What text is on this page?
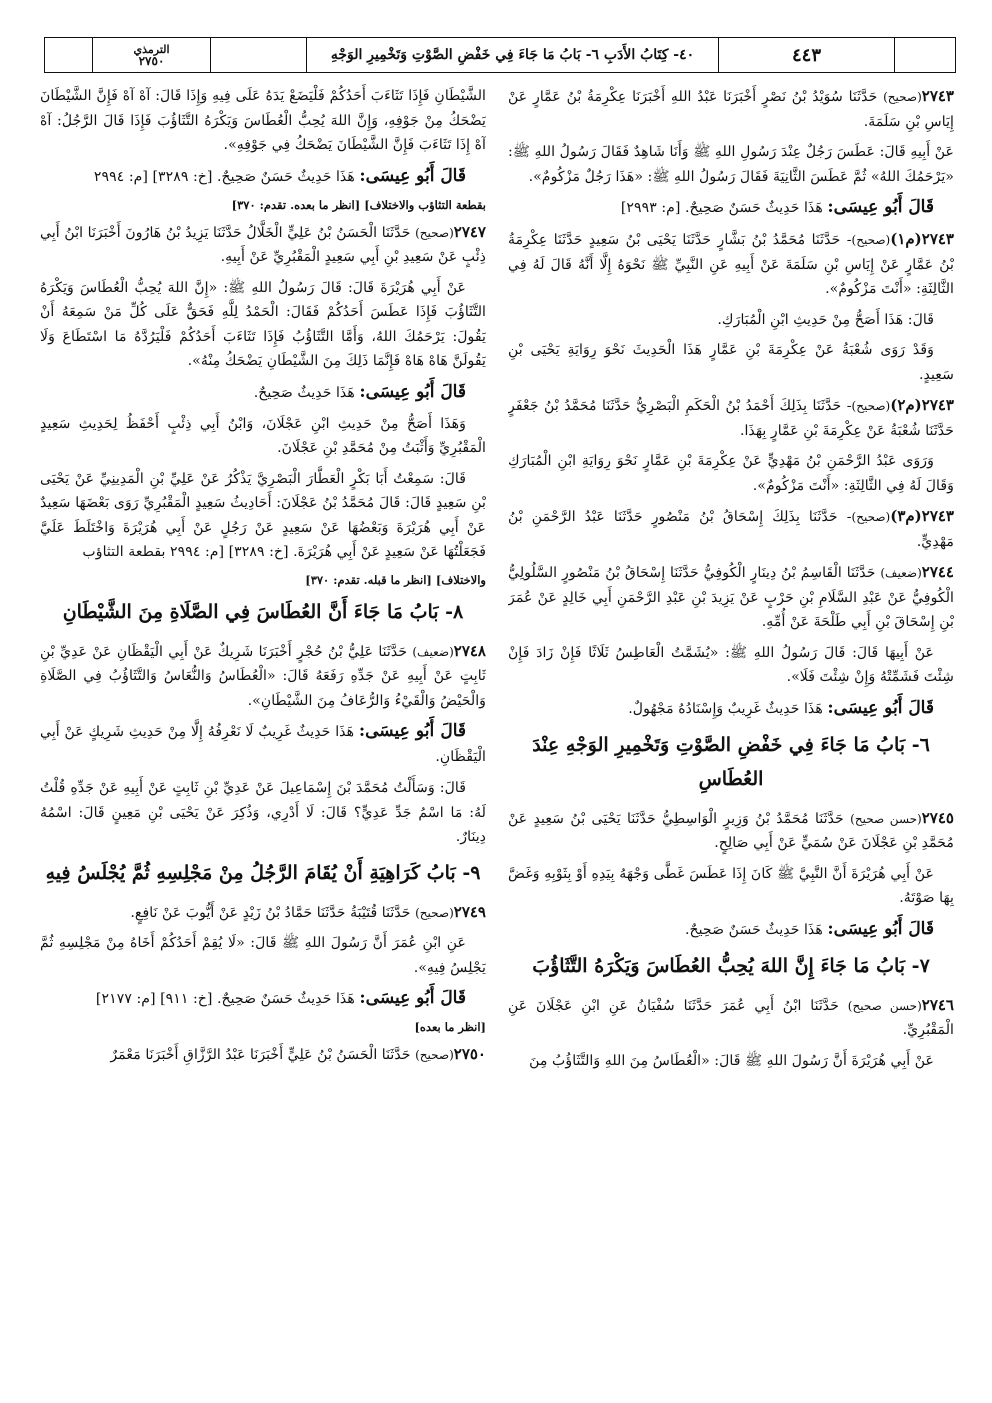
الترمذي
٢٧٥٠	٤٠- كِتَابُ الأَدَبِ ٦- بَابُ مَا جَاءَ فِي خَفْضِ الصَّوْتِ وَتَخْمِيرِ الوَجْهِ	٤٤٣
٢٧٤٣(صحيح) حَدَّثَنَا سُوَيْدُ بْنُ نَصْرٍ أَخْبَرَنَا عَبْدُ اللهِ أَخْبَرَنَا عِكْرِمَةُ بْنُ عَمَّارٍ عَنْ إِيَاسِ بْنِ سَلَمَةَ.
عَنْ أَبِيهِ قَالَ: عَطَسَ رَجُلٌ عِنْدَ رَسُولِ اللهِ ﷺ وَأَنَا شَاهِدٌ فَقَالَ رَسُولُ اللهِ ﷺ: «يَرْحَمُكَ اللهُ» ثُمَّ عَطَسَ الثَّانِيَةَ فَقَالَ رَسُولُ اللهِ ﷺ: «هَذَا رَجُلٌ مَزْكُومٌ».
قَالَ أَبُو عِيسَى: هَذَا حَدِيثٌ حَسَنٌ صَحِيحٌ. [م: ٢٩٩٣]
٢٧٤٣(م١)(صحيح)- حَدَّثَنَا مُحَمَّدُ بْنُ بَشَّارٍ حَدَّثَنَا يَحْيَى بْنُ سَعِيدٍ حَدَّثَنَا عِكْرِمَةُ بْنُ عَمَّارٍ عَنْ إِيَاسِ بْنِ سَلَمَةَ عَنْ أَبِيهِ عَنِ النَّبِيِّ ﷺ نَحْوَهُ إِلَّا أَنَّهُ قَالَ لَهُ فِي الثَّالِثَةِ: «أَنْتَ مَزْكُومٌ».
قَالَ: هَذَا أَصَحُّ مِنْ حَدِيثِ ابْنِ الْمُبَارَكِ.
وَقَدْ رَوَى شُعْبَةُ عَنْ عِكْرِمَةَ بْنِ عَمَّارٍ هَذَا الْحَدِيثَ نَحْوَ رِوَايَةِ يَحْيَى بْنِ سَعِيدٍ.
٢٧٤٣(م٢)(صحيح)- حَدَّثَنَا بِذَلِكَ أَحْمَدُ بْنُ الْحَكَمِ الْبَصْرِيُّ حَدَّثَنَا مُحَمَّدُ بْنُ جَعْفَرٍ حَدَّثَنَا شُعْبَةُ عَنْ عِكْرِمَةَ بْنِ عَمَّارٍ بِهَذَا.
وَرَوَى عَبْدُ الرَّحْمَنِ بْنُ مَهْدِيٍّ عَنْ عِكْرِمَةَ بْنِ عَمَّارٍ نَحْوَ رِوَايَةِ ابْنِ الْمُبَارَكِ وَقَالَ لَهُ فِي الثَّالِثَةِ: «أَنْتَ مَزْكُومٌ».
٢٧٤٣(م٣)(صحيح)- حَدَّثَنَا بِذَلِكَ إِسْحَاقُ بْنُ مَنْصُورٍ حَدَّثَنَا عَبْدُ الرَّحْمَنِ بْنُ مَهْدِيٍّ.
٢٧٤٤(ضعيف) حَدَّثَنَا الْقَاسِمُ بْنُ دِينَارٍ الْكُوفِيُّ حَدَّثَنَا إِسْحَاقُ بْنُ مَنْصُورٍ السَّلُولِيُّ الْكُوفِيُّ عَنْ عَبْدِ السَّلَامِ بْنِ حَرْبٍ عَنْ يَزِيدَ بْنِ عَبْدِ الرَّحْمَنِ أَبِي خَالِدٍ عَنْ عُمَرَ بْنِ إِسْحَاقَ بْنِ أَبِي طَلْحَةَ عَنْ أُمِّهِ.
عَنْ أَبِيهَا قَالَ: قَالَ رَسُولُ اللهِ ﷺ: «يُشَمَّتُ الْعَاطِسُ ثَلَاثًا فَإِنْ زَادَ فَإِنْ شِئْتَ فَشَمِّتْهُ وَإِنْ شِئْتَ فَلَا».
قَالَ أَبُو عِيسَى: هَذَا حَدِيثٌ غَرِيبٌ وَإِسْنَادُهُ مَجْهُولٌ.
٦- بَابُ مَا جَاءَ فِي خَفْضِ الصَّوْتِ وَتَخْمِيرِ الوَجْهِ عِنْدَ العُطَاسِ
٢٧٤٥(حسن صحيح) حَدَّثَنَا مُحَمَّدُ بْنُ وَزِيرٍ الْوَاسِطِيُّ حَدَّثَنَا يَحْيَى بْنُ سَعِيدٍ عَنْ مُحَمَّدِ بْنِ عَجْلَانَ عَنْ سُمَيٍّ عَنْ أَبِي صَالِحٍ.
عَنْ أَبِي هُرَيْرَةَ أَنَّ النَّبِيَّ ﷺ كَانَ إِذَا عَطَسَ غَطَّى وَجْهَهُ بِيَدِهِ أَوْ بِثَوْبِهِ وَغَضَّ بِهَا صَوْتَهُ.
قَالَ أَبُو عِيسَى: هَذَا حَدِيثٌ حَسَنٌ صَحِيحٌ.
٧- بَابُ مَا جَاءَ إِنَّ اللهَ يُحِبُّ العُطَاسَ وَيَكْرَهُ التَّثَاؤُبَ
٢٧٤٦(حسن صحيح) حَدَّثَنَا ابْنُ أَبِي عُمَرَ حَدَّثَنَا سُفْيَانُ عَنِ ابْنِ عَجْلَانَ عَنِ الْمَقْبُرِيِّ.
عَنْ أَبِي هُرَيْرَةَ أَنَّ رَسُولَ اللهِ ﷺ قَالَ: «الْعُطَاسُ مِنَ اللهِ وَالتَّثَاؤُبُ مِنَ
الشَّيْطَانِ فَإِذَا تَثَاءَبَ أَحَدُكُمْ فَلْيَضَعْ يَدَهُ عَلَى فِيهِ وَإِذَا قَالَ: آهْ آهْ فَإِنَّ الشَّيْطَانَ يَضْحَكُ مِنْ جَوْفِهِ، وَإِنَّ اللهَ يُحِبُّ الْعُطَاسَ وَيَكْرَهُ التَّثَاؤُبَ فَإِذَا قَالَ الرَّجُلُ: آهْ آهْ إِذَا تَثَاءَبَ فَإِنَّ الشَّيْطَانَ يَضْحَكُ فِي جَوْفِهِ».
قَالَ أَبُو عِيسَى: هَذَا حَدِيثٌ حَسَنٌ صَحِيحٌ. [خ: ٣٢٨٩] [م: ٢٩٩٤
بقطعة التثاؤب والاختلاف] [انظر ما بعده. تقدم: ٣٧٠]
٢٧٤٧(صحيح) حَدَّثَنَا الْحَسَنُ بْنُ عَلِيٍّ الْخَلَّالُ حَدَّثَنَا يَزِيدُ بْنُ هَارُونَ أَخْبَرَنَا ابْنُ أَبِي ذِئْبٍ عَنْ سَعِيدِ بْنِ أَبِي سَعِيدٍ الْمَقْبُرِيِّ عَنْ أَبِيهِ.
عَنْ أَبِي هُرَيْرَةَ قَالَ: قَالَ رَسُولُ اللهِ ﷺ: «إِنَّ اللهَ يُحِبُّ الْعُطَاسَ وَيَكْرَهُ التَّثَاؤُبَ فَإِذَا عَطَسَ أَحَدُكُمْ فَقَالَ: الْحَمْدُ لِلَّهِ فَحَقٌّ عَلَى كُلِّ مَنْ سَمِعَهُ أَنْ يَقُولَ: يَرْحَمُكَ اللهُ، وَأَمَّا التَّثَاؤُبُ فَإِذَا تَثَاءَبَ أَحَدُكُمْ فَلْيَرُدَّهُ مَا اسْتَطَاعَ وَلَا يَقُولَنَّ هَاهْ هَاهْ فَإِنَّمَا ذَلِكَ مِنَ الشَّيْطَانِ يَضْحَكُ مِنْهُ».
قَالَ أَبُو عِيسَى: هَذَا حَدِيثٌ صَحِيحٌ.
وَهَذَا أَصَحُّ مِنْ حَدِيثِ ابْنِ عَجْلَانَ، وَابْنُ أَبِي ذِئْبٍ أَحْفَظُ لِحَدِيثِ سَعِيدٍ الْمَقْبُرِيِّ وَأَثْبَتُ مِنْ مُحَمَّدِ بْنِ عَجْلَانَ.
قَالَ: سَمِعْتُ أَبَا بَكْرٍ الْعَطَّارَ الْبَصْرِيَّ يَذْكُرُ عَنْ عَلِيِّ بْنِ الْمَدِينِيِّ عَنْ يَحْيَى بْنِ سَعِيدٍ قَالَ: قَالَ مُحَمَّدُ بْنُ عَجْلَانَ: أَحَادِيثُ سَعِيدٍ الْمَقْبُرِيِّ رَوَى بَعْضَهَا سَعِيدٌ عَنْ أَبِي هُرَيْرَةَ وَبَعْضُهَا عَنْ سَعِيدٍ عَنْ رَجُلٍ عَنْ أَبِي هُرَيْرَةَ وَاخْتَلَطَ عَلَيَّ فَجَعَلْتُهَا عَنْ سَعِيدٍ عَنْ أَبِي هُرَيْرَةَ. [خ: ٣٢٨٩] [م: ٢٩٩٤ بقطعة التثاؤب
والاختلاف] [انظر ما قبله. تقدم: ٣٧٠]
٨- بَابُ مَا جَاءَ أَنَّ العُطَاسَ فِي الصَّلَاةِ مِنَ الشَّيْطَانِ
٢٧٤٨(ضعيف) حَدَّثَنَا عَلِيُّ بْنُ حُجْرٍ أَخْبَرَنَا شَرِيكٌ عَنْ أَبِي الْيَقْظَانِ عَنْ عَدِيِّ بْنِ ثَابِتٍ عَنْ أَبِيهِ عَنْ جَدِّهِ رَفَعَهُ قَالَ: «الْعُطَاسُ وَالنُّعَاسُ وَالتَّثَاؤُبُ فِي الصَّلَاةِ وَالْحَيْضُ وَالْقَيْءُ وَالرُّعَافُ مِنَ الشَّيْطَانِ».
قَالَ أَبُو عِيسَى: هَذَا حَدِيثٌ غَرِيبٌ لَا نَعْرِفُهُ إِلَّا مِنْ حَدِيثِ شَرِيكٍ عَنْ أَبِي الْيَقْظَانِ.
قَالَ: وَسَأَلْتُ مُحَمَّدَ بْنَ إِسْمَاعِيلَ عَنْ عَدِيِّ بْنِ ثَابِتٍ عَنْ أَبِيهِ عَنْ جَدِّهِ قُلْتُ لَهُ: مَا اسْمُ جَدِّ عَدِيٍّ؟ قَالَ: لَا أَدْرِي، وَذُكِرَ عَنْ يَحْيَى بْنِ مَعِينٍ قَالَ: اسْمُهُ دِينَارٌ.
٩- بَابُ كَرَاهِيَةِ أَنْ يُقَامَ الرَّجُلُ مِنْ مَجْلِسِهِ ثُمَّ يُجْلَسُ فِيهِ
٢٧٤٩(صحيح) حَدَّثَنَا قُتَيْبَةُ حَدَّثَنَا حَمَّادُ بْنُ زَيْدٍ عَنْ أَيُّوبَ عَنْ نَافِعٍ.
عَنِ ابْنِ عُمَرَ أَنَّ رَسُولَ اللهِ ﷺ قَالَ: «لَا يُقِمْ أَحَدُكُمْ أَخَاهُ مِنْ مَجْلِسِهِ ثُمَّ يَجْلِسُ فِيهِ».
قَالَ أَبُو عِيسَى: هَذَا حَدِيثٌ حَسَنٌ صَحِيحٌ. [خ: ٩١١] [م: ٢١٧٧]
[انظر ما بعده]
٢٧٥٠(صحيح) حَدَّثَنَا الْحَسَنُ بْنُ عَلِيٍّ أَخْبَرَنَا عَبْدُ الرَّزَّاقِ أَخْبَرَنَا مَعْمَرٌ
